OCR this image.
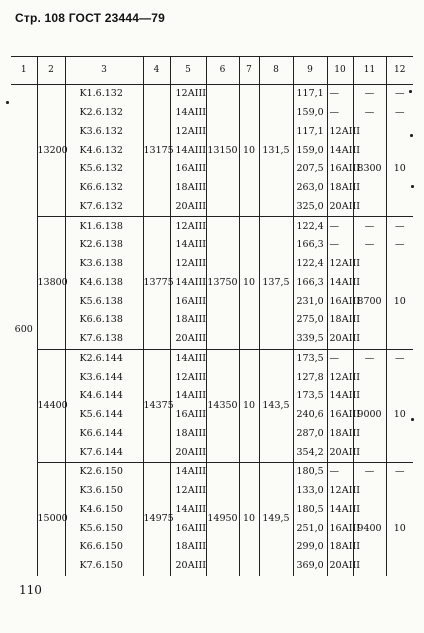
Стр. 108 ГОСТ 23444—79
1	2	3	4	5	6	7	8	9	10	11	12
600	13200	K1.6.132	13175	12АIII	13150	10	131,5	117,1	—	—	—
		K2.6.132		14АIII				159,0	—	—	—
		K3.6.132		12АIII				117,1	12АIII	8300	10
		K4.6.132		14АIII				159,0	14АIII		
		K5.6.132		16АIII				207,5	16АIII		
		K6.6.132		18АIII				263,0	18АIII		
		K7.6.132		20АIII				325,0	20АIII		
	13800	K1.6.138	13775	12АIII	13750	10	137,5	122,4	—	—	—
		K2.6.138		14АIII				166,3	—	—	—
		K3.6.138		12АIII				122,4	12АIII	8700	10
		K4.6.138		14АIII				166,3	14АIII		
		K5.6.138		16АIII				231,0	16АIII		
		K6.6.138		18АIII				275,0	18АIII		
		K7.6.138		20АIII				339,5	20АIII		
	14400	K2.6.144	14375	14АIII	14350	10	143,5	173,5	—	—	—
		K3.6.144		12АIII				127,8	12АIII	9000	10
		K4.6.144		14АIII				173,5	14АIII		
		K5.6.144		16АIII				240,6	16АIII		
		K6.6.144		18АIII				287,0	18АIII		
		K7.6.144		20АIII				354,2	20АIII		
	15000	K2.6.150	14975	14АIII	14950	10	149,5	180,5	—	—	—
		K3.6.150		12АIII				133,0	12АIII	9400	10
		K4.6.150		14АIII				180,5	14АIII		
		K5.6.150		16АIII				251,0	16АIII		
		K6.6.150		18АIII				299,0	18АIII		
		K7.6.150		20АIII				369,0	20АIII		
110
